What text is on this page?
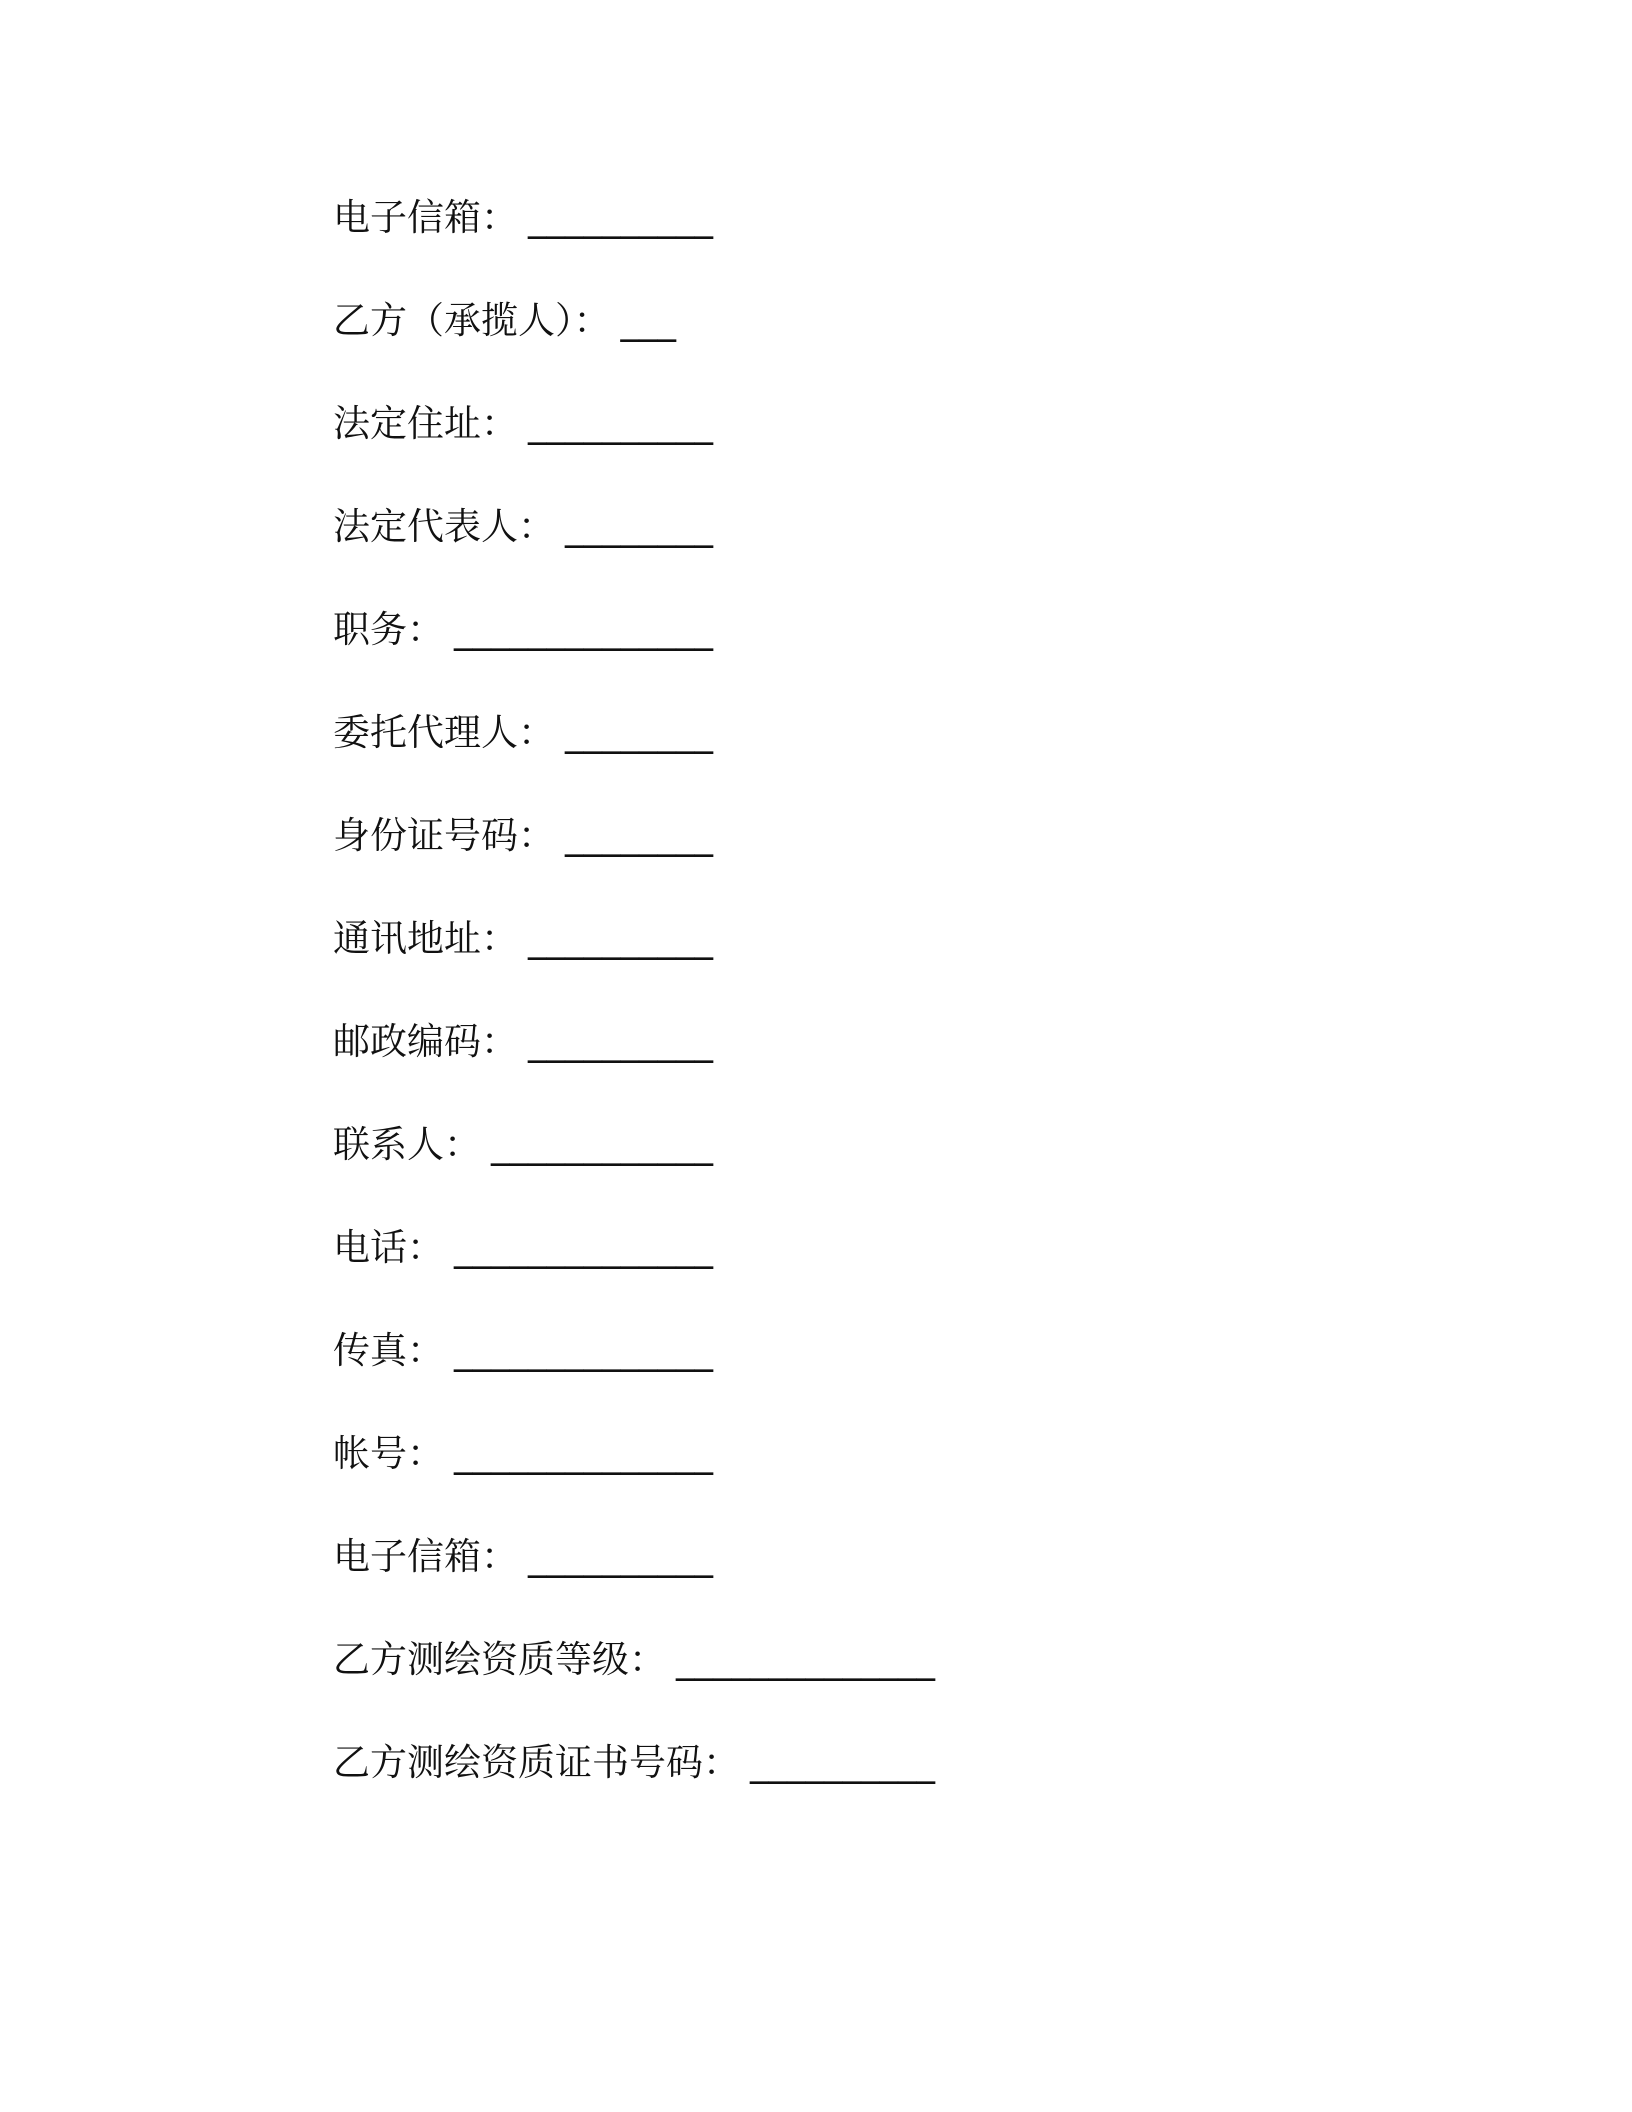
电子信箱： __________
乙方（承揽人）： ___
法定住址： __________
法定代表人： ________
职务： ______________
委托代理人： ________
身份证号码： ________
通讯地址： __________
邮政编码： __________
联系人： ____________
电话： ______________
传真： ______________
帐号： ______________
电子信箱： __________
乙方测绘资质等级： ______________
乙方测绘资质证书号码： __________
